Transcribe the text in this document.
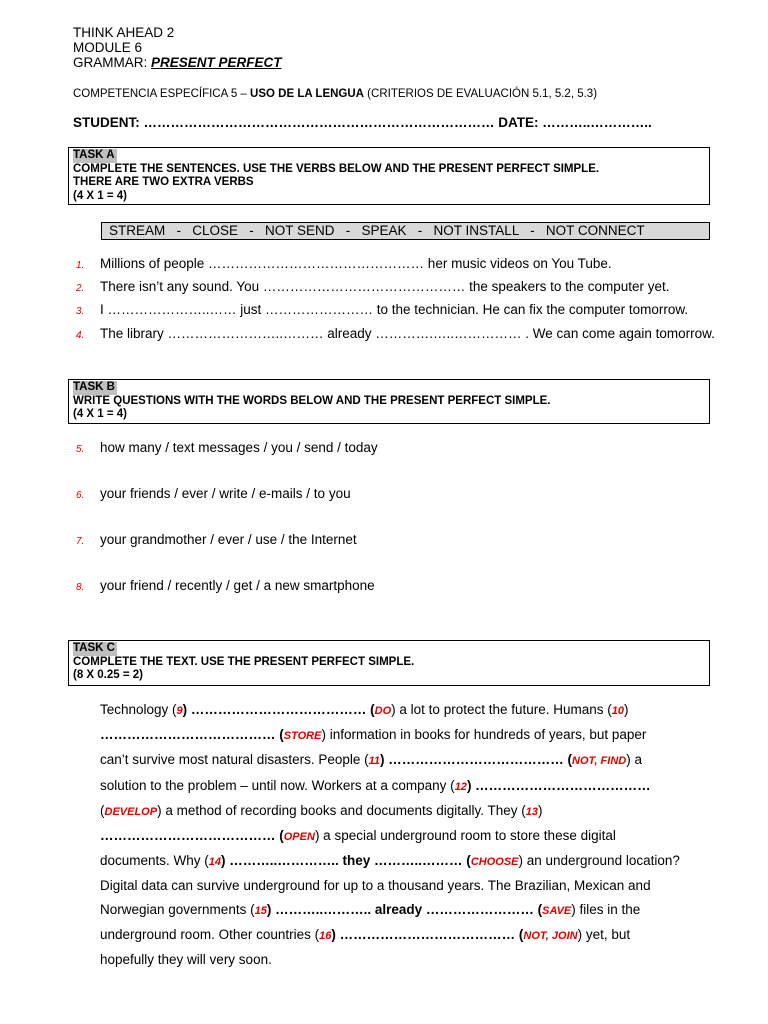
THINK AHEAD 2
MODULE 6
GRAMMAR: PRESENT PERFECT
COMPETENCIA ESPECÍFICA 5 – USO DE LA LENGUA (CRITERIOS DE EVALUACIÓN 5.1, 5.2, 5.3)
STUDENT: …………………………………………………………………… DATE: ………..…………..
TASK A
COMPLETE THE SENTENCES. USE THE VERBS BELOW AND THE PRESENT PERFECT SIMPLE.
THERE ARE TWO EXTRA VERBS
(4 X 1 = 4)
STREAM   -   CLOSE   -   NOT SEND   -   SPEAK   -   NOT INSTALL   -   NOT CONNECT
1. Millions of people ………………………………………… her music videos on You Tube.
2. There isn’t any sound. You ……………………………………… the speakers to the computer yet.
3. I …………………..…… just …………………… to the technician. He can fix the computer tomorrow.
4. The library ……………………..……… already ………….…..…………… . We can come again tomorrow.
TASK B
WRITE QUESTIONS WITH THE WORDS BELOW AND THE PRESENT PERFECT SIMPLE.
(4 X 1 = 4)
5. how many / text messages / you / send / today
6. your friends / ever / write / e-mails / to you
7. your grandmother / ever / use / the Internet
8. your friend / recently / get / a new smartphone
TASK C
COMPLETE THE TEXT. USE THE PRESENT PERFECT SIMPLE.
(8 X 0.25 = 2)
Technology (9) ………………………………… (DO) a lot to protect the future. Humans (10)
………………………………… (STORE) information in books for hundreds of years, but paper
can’t survive most natural disasters. People (11) ………………………………… (NOT, FIND) a
solution to the problem – until now. Workers at a company (12) …………………………………
(DEVELOP) a method of recording books and documents digitally. They (13)
………………………………… (OPEN) a special underground room to store these digital
documents. Why (14) ………..………….. they ………..……… (CHOOSE) an underground location?
Digital data can survive underground for up to a thousand years. The Brazilian, Mexican and
Norwegian governments (15) ………..……….. already …………………… (SAVE) files in the
underground room. Other countries (16) ………………………………… (NOT, JOIN) yet, but
hopefully they will very soon.
